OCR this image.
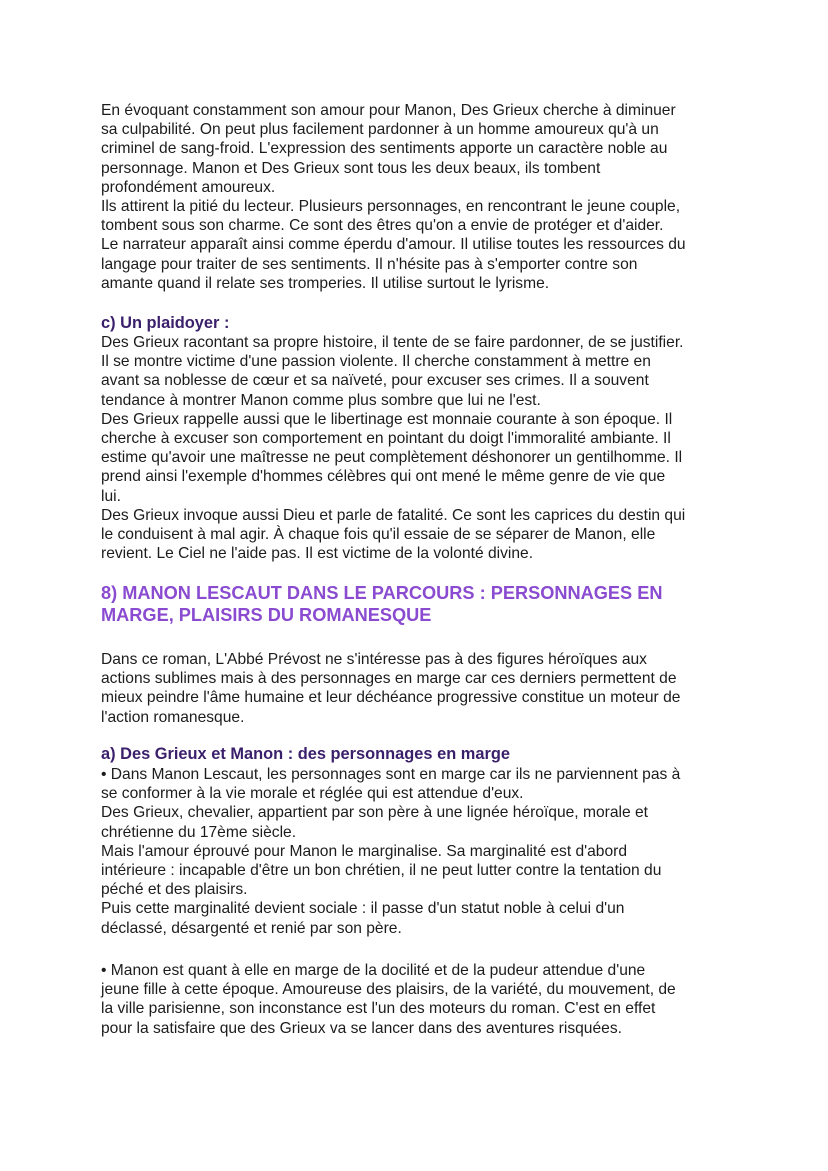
En évoquant constamment son amour pour Manon, Des Grieux cherche à diminuer
sa culpabilité. On peut plus facilement pardonner à un homme amoureux qu'à un
criminel de sang-froid. L'expression des sentiments apporte un caractère noble au
personnage. Manon et Des Grieux sont tous les deux beaux, ils tombent
profondément amoureux.
Ils attirent la pitié du lecteur. Plusieurs personnages, en rencontrant le jeune couple,
tombent sous son charme. Ce sont des êtres qu'on a envie de protéger et d'aider.
Le narrateur apparaît ainsi comme éperdu d'amour. Il utilise toutes les ressources du
langage pour traiter de ses sentiments. Il n'hésite pas à s'emporter contre son
amante quand il relate ses tromperies. Il utilise surtout le lyrisme.

c) Un plaidoyer :

Des Grieux racontant sa propre histoire, il tente de se faire pardonner, de se justifier.
Il se montre victime d'une passion violente. Il cherche constamment à mettre en
avant sa noblesse de cœur et sa naïveté, pour excuser ses crimes. Il a souvent
tendance à montrer Manon comme plus sombre que lui ne l'est.
Des Grieux rappelle aussi que le libertinage est monnaie courante à son époque. Il
cherche à excuser son comportement en pointant du doigt l'immoralité ambiante. Il
estime qu'avoir une maîtresse ne peut complètement déshonorer un gentilhomme. Il
prend ainsi l'exemple d'hommes célèbres qui ont mené le même genre de vie que
lui.
Des Grieux invoque aussi Dieu et parle de fatalité. Ce sont les caprices du destin qui
le conduisent à mal agir. À chaque fois qu'il essaie de se séparer de Manon, elle
revient. Le Ciel ne l'aide pas. Il est victime de la volonté divine.

8) MANON LESCAUT DANS LE PARCOURS : PERSONNAGES EN
MARGE, PLAISIRS DU ROMANESQUE

Dans ce roman, L'Abbé Prévost ne s'intéresse pas à des figures héroïques aux
actions sublimes mais à des personnages en marge car ces derniers permettent de
mieux peindre l'âme humaine et leur déchéance progressive constitue un moteur de
l'action romanesque.

a) Des Grieux et Manon : des personnages en marge

• Dans Manon Lescaut, les personnages sont en marge car ils ne parviennent pas à
se conformer à la vie morale et réglée qui est attendue d'eux.
Des Grieux, chevalier, appartient par son père à une lignée héroïque, morale et
chrétienne du 17ème siècle.
Mais l'amour éprouvé pour Manon le marginalise. Sa marginalité est d'abord
intérieure : incapable d'être un bon chrétien, il ne peut lutter contre la tentation du
péché et des plaisirs.
Puis cette marginalité devient sociale : il passe d'un statut noble à celui d'un
déclassé, désargenté et renié par son père.

• Manon est quant à elle en marge de la docilité et de la pudeur attendue d'une
jeune fille à cette époque. Amoureuse des plaisirs, de la variété, du mouvement, de
la ville parisienne, son inconstance est l'un des moteurs du roman. C'est en effet
pour la satisfaire que des Grieux va se lancer dans des aventures risquées.
